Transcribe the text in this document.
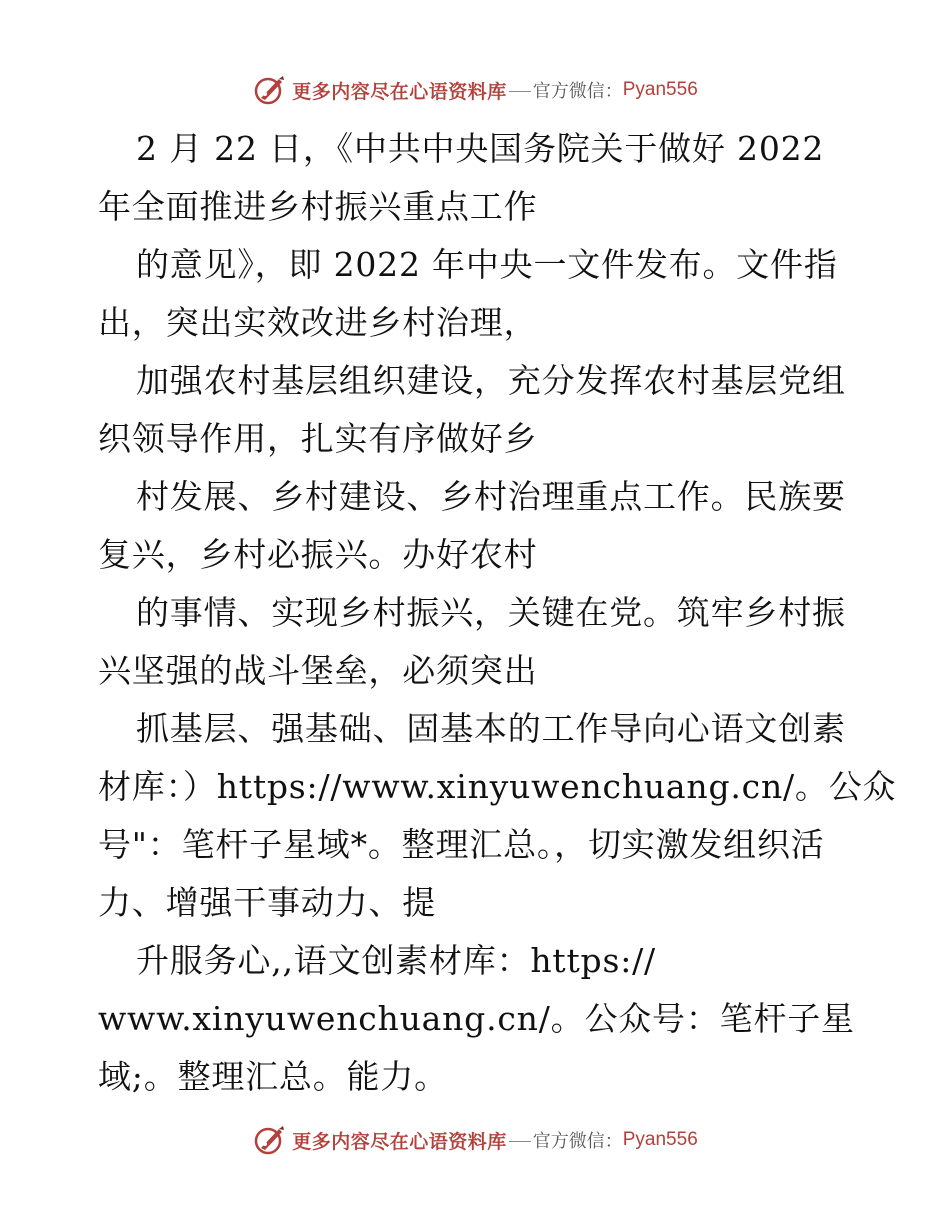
更多内容尽在心语资料库 官方微信： Pyan556
2 月 22 日，《中共中央国务院关于做好 2022
年全面推进乡村振兴重点工作
的意见》，即 2022 年中央一文件发布。文件指
出，突出实效改进乡村治理，
加强农村基层组织建设，充分发挥农村基层党组
织领导作用，扎实有序做好乡
村发展、乡村建设、乡村治理重点工作。民族要
复兴，乡村必振兴。办好农村
的事情、实现乡村振兴，关键在党。筑牢乡村振
兴坚强的战斗堡垒，必须突出
抓基层、强基础、固基本的工作导向心语文创素
材库：）https://www.xinyuwenchuang.cn/。公众
号"：笔杆子星域*。整理汇总。，切实激发组织活
力、增强干事动力、提
升服务心,,语文创素材库：https://
www.xinyuwenchuang.cn/。公众号：笔杆子星
域;。整理汇总。能力。
更多内容尽在心语资料库 官方微信： Pyan556
